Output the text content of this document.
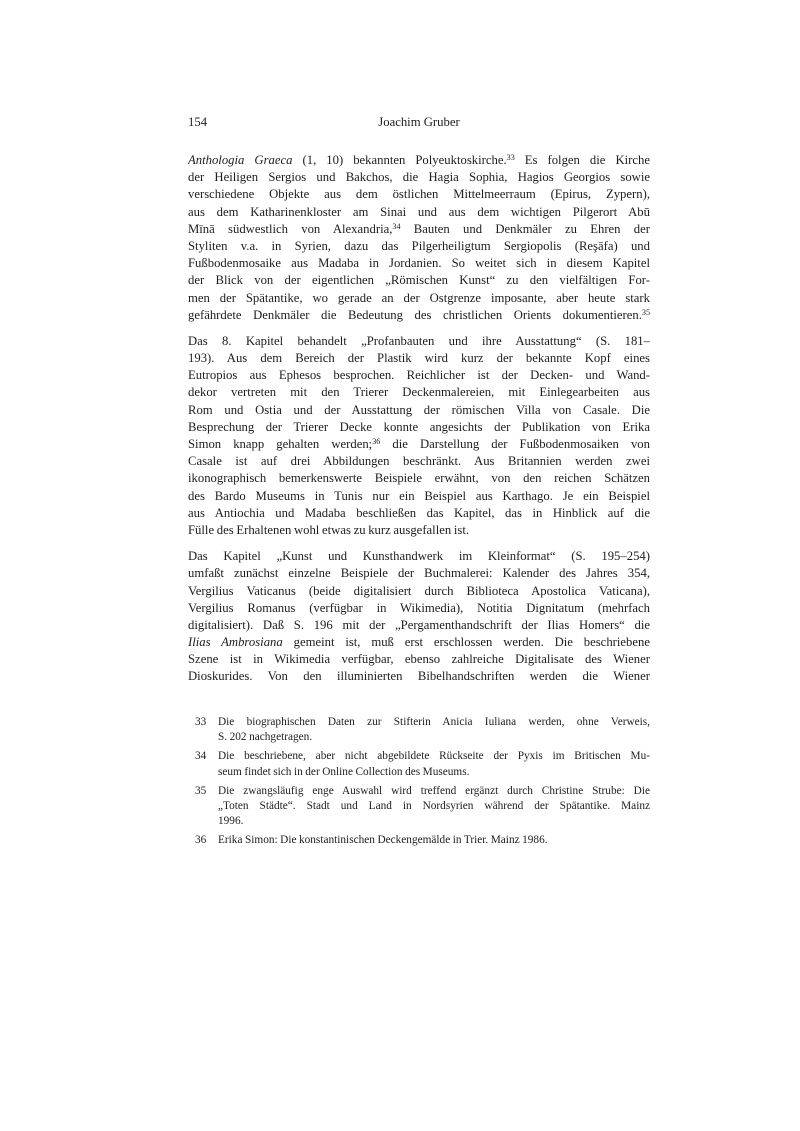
154	Joachim Gruber
Anthologia Graeca (1, 10) bekannten Polyeuktoskirche.$^{33}$ Es folgen die Kirche
der Heiligen Sergios und Bakchos, die Hagia Sophia, Hagios Georgios sowie
verschiedene Objekte aus dem östlichen Mittelmeerraum (Epirus, Zypern),
aus dem Katharinenkloster am Sinai und aus dem wichtigen Pilgerort Abū
Mīnā südwestlich von Alexandria,$^{34}$ Bauten und Denkmäler zu Ehren der
Styliten v.a. in Syrien, dazu das Pilgerheiligtum Sergiopolis (Reşāfa) und
Fußbodenmosaike aus Madaba in Jordanien. So weitet sich in diesem Kapitel
der Blick von der eigentlichen „Römischen Kunst“ zu den vielfältigen For-
men der Spätantike, wo gerade an der Ostgrenze imposante, aber heute stark
gefährdete Denkmäler die Bedeutung des christlichen Orients dokumentieren.$^{35}$
Das 8. Kapitel behandelt „Profanbauten und ihre Ausstattung“ (S. 181–
193). Aus dem Bereich der Plastik wird kurz der bekannte Kopf eines
Eutropios aus Ephesos besprochen. Reichlicher ist der Decken- und Wand-
dekor vertreten mit den Trierer Deckenmalereien, mit Einlegearbeiten aus
Rom und Ostia und der Ausstattung der römischen Villa von Casale. Die
Besprechung der Trierer Decke konnte angesichts der Publikation von Erika
Simon knapp gehalten werden;$^{36}$ die Darstellung der Fußbodenmosaiken von
Casale ist auf drei Abbildungen beschränkt. Aus Britannien werden zwei
ikonographisch bemerkenswerte Beispiele erwähnt, von den reichen Schätzen
des Bardo Museums in Tunis nur ein Beispiel aus Karthago. Je ein Beispiel
aus Antiochia und Madaba beschließen das Kapitel, das in Hinblick auf die
Fülle des Erhaltenen wohl etwas zu kurz ausgefallen ist.
Das Kapitel „Kunst und Kunsthandwerk im Kleinformat“ (S. 195–254)
umfaßt zunächst einzelne Beispiele der Buchmalerei: Kalender des Jahres 354,
Vergilius Vaticanus (beide digitalisiert durch Biblioteca Apostolica Vaticana),
Vergilius Romanus (verfügbar in Wikimedia), Notitia Dignitatum (mehrfach
digitalisiert). Daß S. 196 mit der „Pergamenthandschrift der Ilias Homers“ die
Ilias Ambrosiana gemeint ist, muß erst erschlossen werden. Die beschriebene
Szene ist in Wikimedia verfügbar, ebenso zahlreiche Digitalisate des Wiener
Dioskurides. Von den illuminierten Bibelhandschriften werden die Wiener
33	Die biographischen Daten zur Stifterin Anicia Iuliana werden, ohne Verweis,
S. 202 nachgetragen.
34	Die beschriebene, aber nicht abgebildete Rückseite der Pyxis im Britischen Mu-
seum findet sich in der Online Collection des Museums.
35	Die zwangsläufig enge Auswahl wird treffend ergänzt durch Christine Strube: Die
„Toten Städte“. Stadt und Land in Nordsyrien während der Spätantike. Mainz
1996.
36	Erika Simon: Die konstantinischen Deckengemälde in Trier. Mainz 1986.
